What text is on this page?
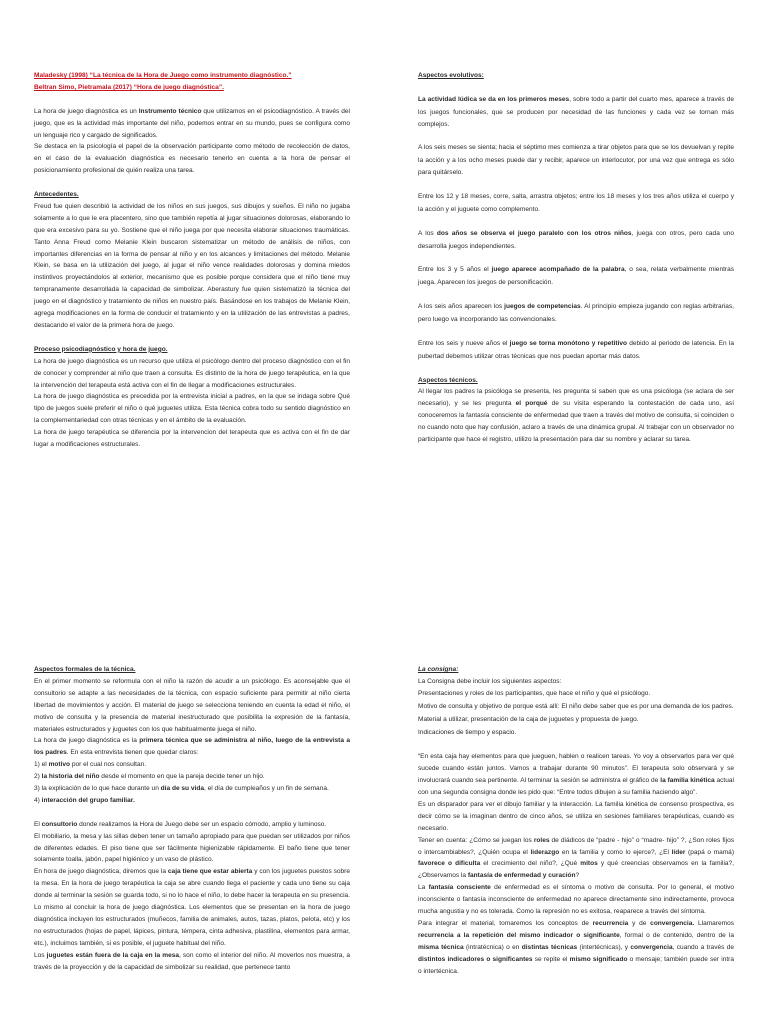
Maladesky (1998) “La técnica de la Hora de Juego como instrumento diagnóstico.”

Beltran Simo, Pietramala (2017) “Hora de juego diagnóstica”.

La hora de juego diagnóstica es un Instrumento técnico que utilizamos en el psicodiagnóstico. A través del juego, que es la actividad más importante del niño, podemos entrar en su mundo, pues se configura como un lenguaje rico y cargado de significados.

Se destaca en la psicología el papel de la observación participante como método de recolección de datos, en el caso de la evaluación diagnóstica es necesario tenerlo en cuenta a la hora de pensar el posicionamiento profesional de quién realiza una tarea.

Antecedentes.

Freud fue quien describió la actividad de los niños en sus juegos, sus dibujos y sueños. El niño no jugaba solamente a lo que le era placentero, sino que también repetía al jugar situaciones dolorosas, elaborando lo que era excesivo para su yo. Sostiene que el niño juega por que necesita elaborar situaciones traumáticas. Tanto Anna Freud como Melanie Klein buscaron sistematizar un método de análisis de niños, con importantes diferencias en la forma de pensar al niño y en los alcances y limitaciones del método. Melanie Klein, se basa en la utilización del juego, al jugar el niño vence realidades dolorosas y domina miedos instintivos proyectándolos al exterior, mecanismo que es posible porque considera que el niño tiene muy tempranamente desarrollada la capacidad de simbolizar. Aberastury fue quien sistematizó la técnica del juego en el diagnóstico y tratamiento de niños en nuestro país. Basándose en los trabajos de Melanie Klein, agrega modificaciones en la forma de conducir el tratamiento y en la utilización de las entrevistas a padres, destacando el valor de la primera hora de juego.

Proceso psicodiagnóstico y hora de juego.

La hora de juego diagnóstica es un recurso que utiliza el psicólogo dentro del proceso diagnóstico con el fin de conocer y comprender al niño que traen a consulta. Es distinto de la hora de juego terapéutica, en la que la intervención del terapeuta está activa con el fin de llegar a modificaciones estructurales.

La hora de juego diagnóstica es precedida por la entrevista inicial a padres, en la que se indaga sobre Qué tipo de juegos suele preferir el niño o qué juguetes utiliza. Esta técnica cobra todo su sentido diagnóstico en la complementariedad con otras técnicas y en el ámbito de la evaluación.

La hora de juego terapéutica se diferencia por la intervencion del terapeuta que es activa con el fin de dar lugar a modificaciones estructurales.

Aspectos evolutivos:

La actividad lúdica se da en los primeros meses, sobre todo a partir del cuarto mes, aparece a través de los juegos funcionales, que se producen por necesidad de las funciones y cada vez se tornan más complejos.

A los seis meses se sienta; hacia el séptimo mes comienza a tirar objetos para que se los devuelvan y repite la acción y a los ocho meses puede dar y recibir, aparece un interlocutor, por una vez que entrega es sólo para quitárselo.

Entre los 12 y 18 meses, corre, salta, arrastra objetos; entre los 18 meses y los tres años utiliza el cuerpo y la acción y el juguete como complemento.

A los dos años se observa el juego paralelo con los otros niños, juega con otros, pero cada uno desarrolla juegos independientes.

Entre los 3 y 5 años el juego aparece acompañado de la palabra, o sea, relata verbalmente mientras juega. Aparecen los juegos de personificación.

A los seis años aparecen los juegos de competencias. Al principio empieza jugando con reglas arbitrarias, pero luego va incorporando las convencionales.

Entre los seis y nueve años el juego se torna monótono y repetitivo debido al periodo de latencia. En la pubertad debemos utilizar otras técnicas que nos puedan aportar más datos.

Aspectos técnicos.

Al llegar los padres la psicóloga se presenta, les pregunta si saben que es una psicóloga (se aclara de ser necesario), y se les pregunta el porqué de su visita esperando la contestación de cada uno, así conoceremos la fantasía consciente de enfermedad que traen a través del motivo de consulta, si coinciden o no cuando noto que hay confusión, aclaro a través de una dinámica grupal. Al trabajar con un observador no participante que hace el registro, utilizo la presentación para dar su nombre y aclarar su tarea.

Aspectos formales de la técnica.

En el primer momento se reformula con el niño la razón de acudir a un psicólogo. Es aconsejable que el consultorio se adapte a las necesidades de la técnica, con espacio suficiente para permitir al niño cierta libertad de movimientos y acción. El material de juego se selecciona teniendo en cuenta la edad el niño, el motivo de consulta y la presencia de material inestructurado que posibilita la expresión de la fantasía, materiales estructurados y juguetes con los que habitualmente juega el niño.

La hora de juego diagnóstica es la primera técnica que se administra al niño, luego de la entrevista a los padres. En esta entrevista tienen que quedar claros:

1) el motivo por el cual nos consultan.

2) la historia del niño desde el momento en que la pareja decide tener un hijo.

3) la explicación de lo que hace durante un día de su vida, el día de cumpleaños y un fin de semana.

4) interacción del grupo familiar.

El consultorio donde realizamos la Hora de Juego debe ser un espacio cómodo, amplio y luminoso.

El mobiliario, la mesa y las sillas deben tener un tamaño apropiado para que puedan ser utilizados por niños de diferentes edades. El piso tiene que ser fácilmente higienizable rápidamente. El baño tiene que tener solamente toalla, jabón, papel higiénico y un vaso de plástico.

En hora de juego diagnóstica, diremos que la caja tiene que estar abierta y con los juguetes puestos sobre la mesa. En la hora de juego terapéutica la caja se abre cuando llega el paciente y cada uno tiene su caja donde al terminar la sesión se guarda todo, si no lo hace el niño, lo debe hacer la terapeuta en su presencia. Lo mismo al concluir la hora de juego diagnóstica. Los elementos que se presentan en la hora de juego diagnóstica incluyen los estructurados (muñecos, familia de animales, autos, tazas, platos, pelota, etc) y los no estructurados (hojas de papel, lápices, pintura, témpera, cinta adhesiva, plastilina, elementos para armar, etc.), incluimos también, si es posible, el juguete habitual del niño.

Los juguetes están fuera de la caja en la mesa, son como el interior del niño. Al moverlos nos muestra, a través de la proyección y de la capacidad de simbolizar su realidad, que pertenece tanto

La consigna:

La Consigna debe incluir los siguientes aspectos:

Presentaciones y roles de los participantes, que hace el niño y qué el psicólogo.

Motivo de consulta y objetivo de porque está allí: El niño debe saber que es por una demanda de los padres.

Material a utilizar, presentación de la caja de juguetes y propuesta de juego.

Indicaciones de tiempo y espacio.

“En esta caja hay elementos para que jueguen, hablen o realicen tareas. Yo voy a observarlos para ver qué sucede cuando están juntos. Vamos a trabajar durante 90 minutos”. El terapeuta solo observará y se involucrará cuando sea pertinente. Al terminar la sesión se administra el gráfico de la familia kinética actual con una segunda consigna donde les pido que: “Entre todos dibujen a su familia haciendo algo”.

Es un disparador para ver el dibujo familiar y la interacción. La familia kinética de consenso prospectiva, es decir cómo se la imaginan dentro de cinco años, se utiliza en sesiones familiares terapéuticas, cuando es necesario.

Tener en cuenta: ¿Cómo se juegan los roles de diádicos de “padre - hijo” o “madre- hijo” ?, ¿Son roles fijos o intercambiables?, ¿Quién ocupa el liderazgo en la familia y como lo ejerce?, ¿El líder (papá o mamá) favorece o dificulta el crecimiento del niño?, ¿Qué mitos y qué creencias observamos en la familia?, ¿Observamos la fantasía de enfermedad y curación?

La fantasía consciente de enfermedad es el síntoma o motivo de consulta. Por lo general, el motivo inconsciente o fantasía inconsciente de enfermedad no aparece directamente sino indirectamente, provoca mucha angustia y no es tolerada. Como la represión no es exitosa, reaparece a través del síntoma.

Para integrar el material, tomaremos los conceptos de recurrencia y de convergencia. Llamaremos recurrencia a la repetición del mismo indicador o significante, formal o de contenido, dentro de la misma técnica (intratécnica) o en distintas técnicas (intertécnicas), y convergencia, cuando a través de distintos indicadores o significantes se repite el mismo significado o mensaje; también puede ser intra o intertécnica.
